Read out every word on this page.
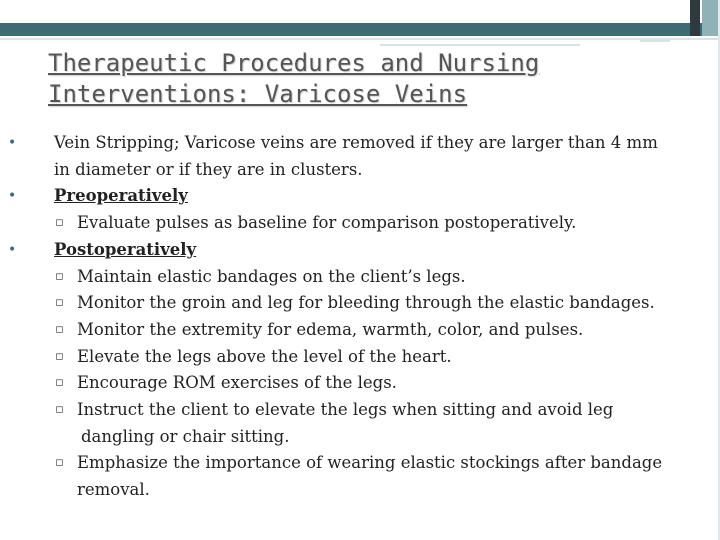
Therapeutic Procedures and Nursing
Interventions: Varicose Veins
•	Vein Stripping; Varicose veins are removed if they are larger than 4 mm
in diameter or if they are in clusters.
•	Preoperatively
▫ Evaluate pulses as baseline for comparison postoperatively.
•	Postoperatively
▫ Maintain elastic bandages on the client’s legs.
▫ Monitor the groin and leg for bleeding through the elastic bandages.
▫ Monitor the extremity for edema, warmth, color, and pulses.
▫ Elevate the legs above the level of the heart.
▫ Encourage ROM exercises of the legs.
▫ Instruct the client to elevate the legs when sitting and avoid leg
dangling or chair sitting.
▫ Emphasize the importance of wearing elastic stockings after bandage
removal.
